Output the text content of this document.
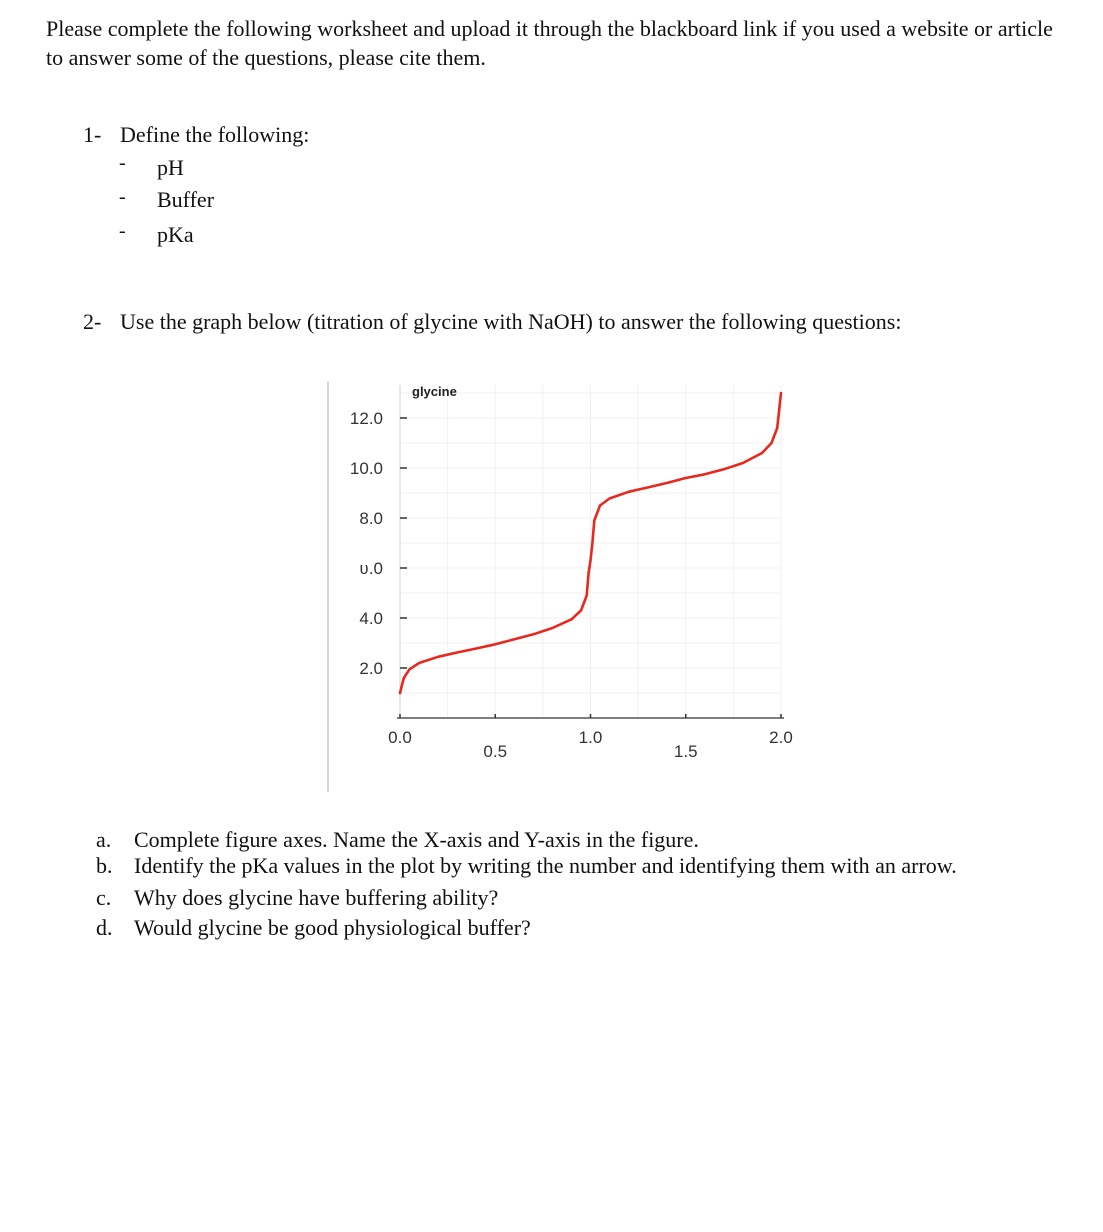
Please complete the following worksheet and upload it through the blackboard link if you used a website or article to answer some of the questions, please cite them.

1- Define the following:
- pH
- Buffer
- pKa
2- Use the graph below (titration of glycine with NaOH) to answer the following questions:
2.0
4.0
ʋ.0
8.0
10.0
12.0
0.0
0.5
1.0
1.5
2.0
glycine
a. Complete figure axes. Name the X-axis and Y-axis in the figure.
b. Identify the pKa values in the plot by writing the number and identifying them with an arrow.
c. Why does glycine have buffering ability?
d. Would glycine be good physiological buffer?
